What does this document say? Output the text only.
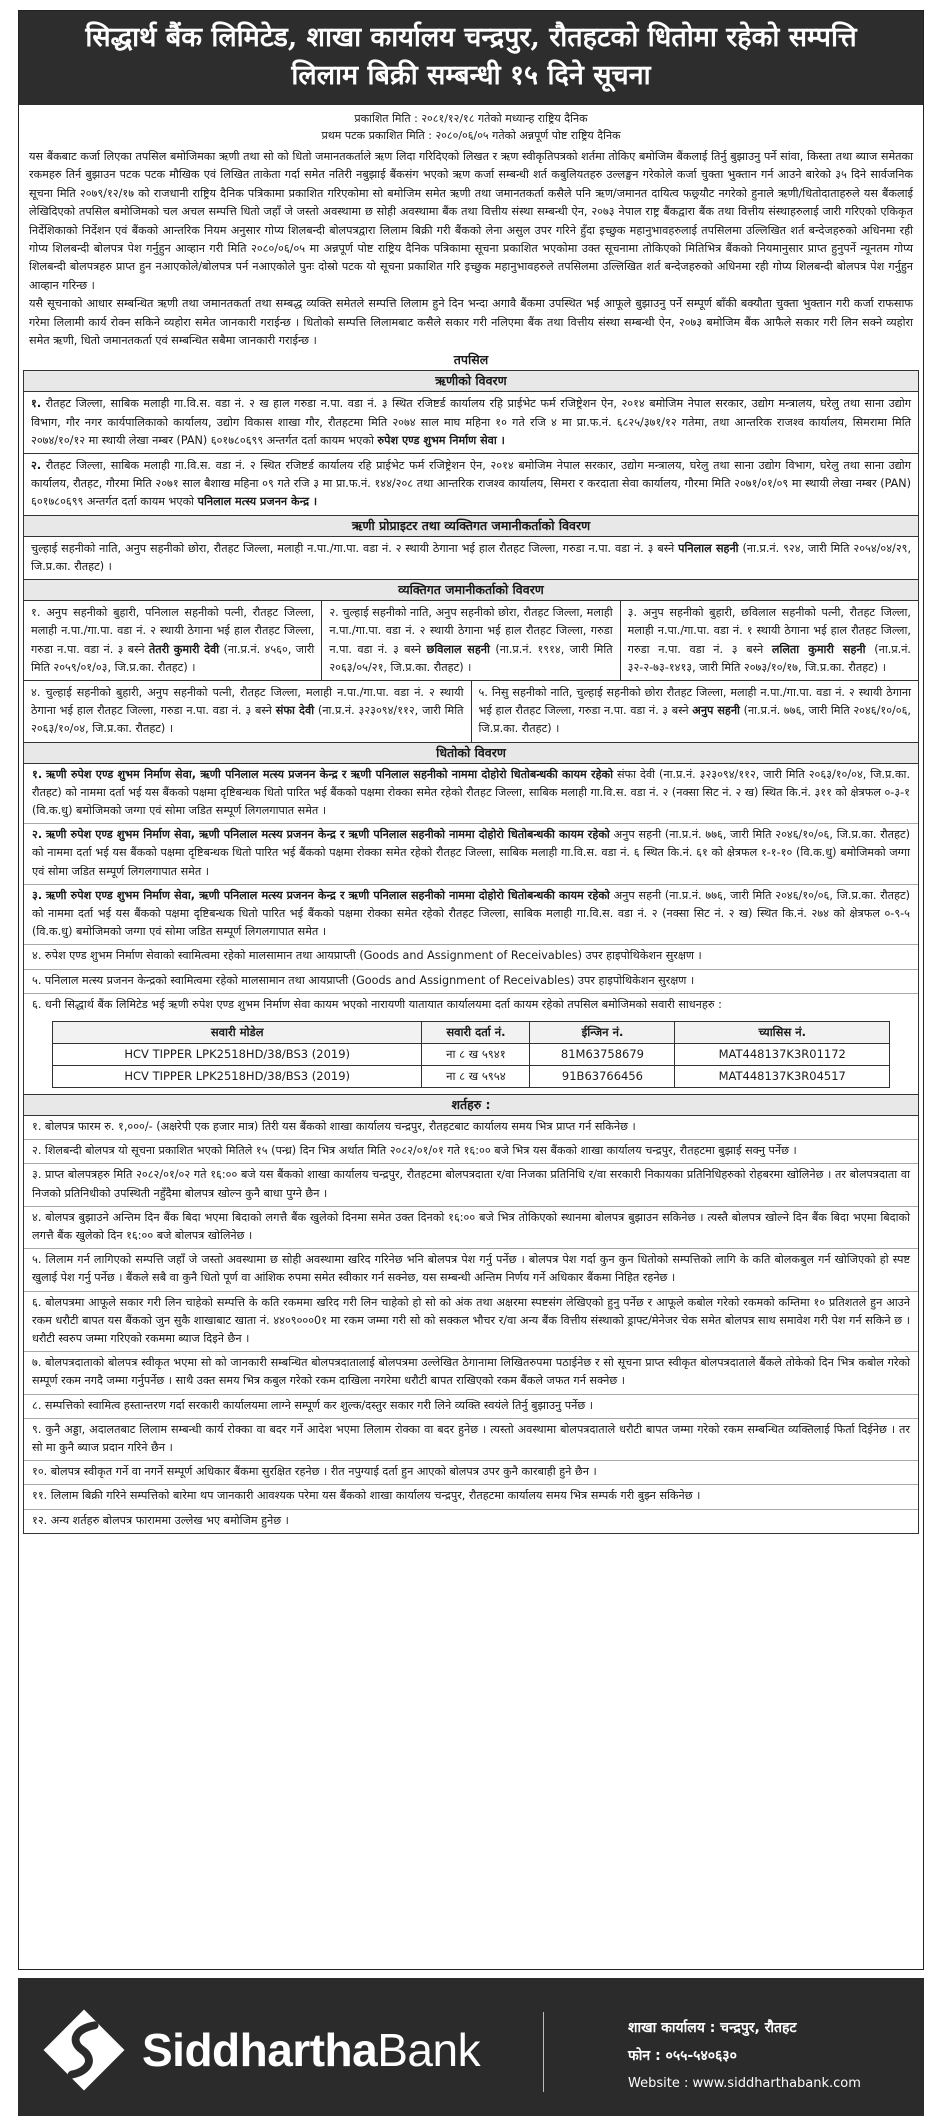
सिद्धार्थ बैंक लिमिटेड, शाखा कार्यालय चन्द्रपुर, रौतहटको धितोमा रहेको सम्पत्ति
लिलाम बिक्री सम्बन्धी १५ दिने सूचना
प्रकाशित मिति : २०८१/१२/१८ गतेको मध्यान्ह राष्ट्रिय दैनिक
प्रथम पटक प्रकाशित मिति : २०८०/०६/०५ गतेको अन्नपूर्ण पोष्ट राष्ट्रिय दैनिक

यस बैंकबाट कर्जा लिएका तपसिल बमोजिमका ऋणी तथा सो को धितो जमानतकर्ताले ऋण लिदा गरिदिएको लिखत र ऋण स्वीकृतिपत्रको शर्तमा तोकिए बमोजिम बैंकलाई तिर्नु बुझाउनु पर्ने सांवा, किस्ता तथा ब्याज समेतका रकमहरु तिर्न बुझाउन पटक पटक मौखिक एवं लिखित ताकेता गर्दा समेत नतिरी नबुझाई बैंकसंग भएको ऋण कर्जा सम्बन्धी शर्त कबुलियतहरु उल्लङ्घन गरेकोले कर्जा चुक्ता भुक्तान गर्न आउने बारेको ३५ दिने सार्वजनिक सूचना मिति २०७९/१२/१७ को राजधानी राष्ट्रिय दैनिक पत्रिकामा प्रकाशित गरिएकोमा सो बमोजिम समेत ऋणी तथा जमानतकर्ता कसैले पनि ऋण/जमानत दायित्व फछ्र्यौट नगरेको हुनाले ऋणी/धितोदाताहरुले यस बैंकलाई लेखिदिएको तपसिल बमोजिमको चल अचल सम्पत्ति धितो जहाँ जे जस्तो अवस्थामा छ सोही अवस्थामा बैंक तथा वित्तीय संस्था सम्बन्धी ऐन, २०७३ नेपाल राष्ट्र बैंकद्वारा बैंक तथा वित्तीय संस्थाहरुलाई जारी गरिएको एकिकृत निर्देशिकाको निर्देशन एवं बैंकको आन्तरिक नियम अनुसार गोप्य शिलबन्दी बोलपत्रद्वारा लिलाम बिक्री गरी बैंकको लेना असुल उपर गरिने हुँदा इच्छुक महानुभावहरुलाई तपसिलमा उल्लिखित शर्त बन्देजहरुको अधिनमा रही गोप्य शिलबन्दी बोलपत्र पेश गर्नुहुन आव्हान गरी मिति २०८०/०६/०५ मा अन्नपूर्ण पोष्ट राष्ट्रिय दैनिक पत्रिकामा सूचना प्रकाशित भएकोमा उक्त सूचनामा तोकिएको मितिभित्र बैंकको नियमानुसार प्राप्त हुनुपर्ने न्यूनतम गोप्य शिलबन्दी बोलपत्रहरु प्राप्त हुन नआएकोले/बोलपत्र पर्न नआएकोले पुनः दोस्रो पटक यो सूचना प्रकाशित गरि इच्छुक महानुभावहरुले तपसिलमा उल्लिखित शर्त बन्देजहरुको अधिनमा रही गोप्य शिलबन्दी बोलपत्र पेश गर्नुहुन आव्हान गरिन्छ ।

यसै सूचनाको आधार सम्बन्धित ऋणी तथा जमानतकर्ता तथा सम्बद्ध व्यक्ति समेतले सम्पत्ति लिलाम हुने दिन भन्दा अगावै बैंकमा उपस्थित भई आफूले बुझाउनु पर्ने सम्पूर्ण बाँकी बक्यौता चुक्ता भुक्तान गरी कर्जा राफसाफ गरेमा लिलामी कार्य रोक्न सकिने व्यहोरा समेत जानकारी गराईन्छ । धितोको सम्पत्ति लिलामबाट कसैले सकार गरी नलिएमा बैंक तथा वित्तीय संस्था सम्बन्धी ऐन, २०७३ बमोजिम बैंक आफैले सकार गरी लिन सक्ने व्यहोरा समेत ऋणी, धितो जमानतकर्ता एवं सम्बन्धित सबैमा जानकारी गराईन्छ ।

तपसिल
ऋणीको विवरण
१. रौतहट जिल्ला, साबिक मलाही गा.वि.स. वडा नं. २ ख हाल गरुडा न.पा. वडा नं. ३ स्थित रजिष्टर्ड कार्यालय रहि प्राईभेट फर्म रजिष्ट्रेशन ऐन, २०१४ बमोजिम नेपाल सरकार, उद्योग मन्त्रालय, घरेलु तथा साना उद्योग विभाग, गौर नगर कार्यपालिकाको कार्यालय, उद्योग विकास शाखा गौर, रौतहटमा मिति २०७४ साल माघ महिना १० गते रजि ४ मा प्रा.फ.नं. ६८२५/३७१/१२ गतेमा, तथा आन्तरिक राजश्व कार्यालय, सिमरामा मिति २०७४/१०/१२ मा स्थायी लेखा नम्बर (PAN) ६०१७८०६९९ अन्तर्गत दर्ता कायम भएको रुपेश एण्ड शुभम निर्माण सेवा ।
२. रौतहट जिल्ला, साबिक मलाही गा.वि.स. वडा नं. २ स्थित रजिष्टर्ड कार्यालय रहि प्राईभेट फर्म रजिष्ट्रेशन ऐन, २०१४ बमोजिम नेपाल सरकार, उद्योग मन्त्रालय, घरेलु तथा साना उद्योग विभाग, घरेलु तथा साना उद्योग कार्यालय, रौतहट, गौरमा मिति २०७१ साल बैशाख महिना ०९ गते रजि ३ मा प्रा.फ.नं. १४४/२०८ तथा आन्तरिक राजश्व कार्यालय, सिमरा र करदाता सेवा कार्यालय, गौरमा मिति २०७१/०१/०९ मा स्थायी लेखा नम्बर (PAN) ६०१७८०६९९ अन्तर्गत दर्ता कायम भएको पनिलाल मत्स्य प्रजनन केन्द्र ।
ऋणी प्रोप्राइटर तथा व्यक्तिगत जमानीकर्ताको विवरण
चुल्हाई सहनीको नाति, अनुप सहनीको छोरा, रौतहट जिल्ला, मलाही न.पा./गा.पा. वडा नं. २ स्थायी ठेगाना भई हाल रौतहट जिल्ला, गरुडा न.पा. वडा नं. ३ बस्ने पनिलाल सहनी (ना.प्र.नं. ९२४, जारी मिति २०५४/०४/२९, जि.प्र.का. रौतहट) ।
व्यक्तिगत जमानीकर्ताको विवरण
१. अनुप सहनीको बुहारी, पनिलाल सहनीको पत्नी, रौतहट जिल्ला, मलाही न.पा./गा.पा. वडा नं. २ स्थायी ठेगाना भई हाल रौतहट जिल्ला, गरुडा न.पा. वडा नं. ३ बस्ने तेतरी कुमारी देवी (ना.प्र.नं. ४५६०, जारी मिति २०५९/०१/०३, जि.प्र.का. रौतहट) ।
२. चुल्हाई सहनीको नाति, अनुप सहनीको छोरा, रौतहट जिल्ला, मलाही न.पा./गा.पा. वडा नं. २ स्थायी ठेगाना भई हाल रौतहट जिल्ला, गरुडा न.पा. वडा नं. ३ बस्ने छविलाल सहनी (ना.प्र.नं. १९१४, जारी मिति २०६३/०५/२१, जि.प्र.का. रौतहट) ।
३. अनुप सहनीको बुहारी, छविलाल सहनीको पत्नी, रौतहट जिल्ला, मलाही न.पा./गा.पा. वडा नं. १ स्थायी ठेगाना भई हाल रौतहट जिल्ला, गरुडा न.पा. वडा नं. ३ बस्ने ललिता कुमारी सहनी (ना.प्र.नं. ३२-२-७३-१४१३, जारी मिति २०७३/१०/१७, जि.प्र.का. रौतहट) ।
४. चुल्हाई सहनीको बुहारी, अनुप सहनीको पत्नी, रौतहट जिल्ला, मलाही न.पा./गा.पा. वडा नं. २ स्थायी ठेगाना भई हाल रौतहट जिल्ला, गरुडा न.पा. वडा नं. ३ बस्ने संफा देवी (ना.प्र.नं. ३२३०९४/११२, जारी मिति २०६३/१०/०४, जि.प्र.का. रौतहट) ।
५. निसु सहनीको नाति, चुल्हाई सहनीको छोरा रौतहट जिल्ला, मलाही न.पा./गा.पा. वडा नं. २ स्थायी ठेगाना भई हाल रौतहट जिल्ला, गरुडा न.पा. वडा नं. ३ बस्ने अनुप सहनी (ना.प्र.नं. ७७६, जारी मिति २०४६/१०/०६, जि.प्र.का. रौतहट) ।
धितोको विवरण
१. ऋणी रुपेश एण्ड शुभम निर्माण सेवा, ऋणी पनिलाल मत्स्य प्रजनन केन्द्र र ऋणी पनिलाल सहनीको नाममा दोहोरो धितोबन्धकी कायम रहेको संफा देवी (ना.प्र.नं. ३२३०९४/११२, जारी मिति २०६३/१०/०४, जि.प्र.का. रौतहट) को नाममा दर्ता भई यस बैंकको पक्षमा दृष्टिबन्धक धितो पारित भई बैंकको पक्षमा रोक्का समेत रहेको रौतहट जिल्ला, साबिक मलाही गा.वि.स. वडा नं. २ (नक्सा सिट नं. २ ख) स्थित कि.नं. ३११ को क्षेत्रफल ०-३-१ (वि.क.धु) बमोजिमको जग्गा एवं सोमा जडित सम्पूर्ण लिगलगापात समेत ।
२. ऋणी रुपेश एण्ड शुभम निर्माण सेवा, ऋणी पनिलाल मत्स्य प्रजनन केन्द्र र ऋणी पनिलाल सहनीको नाममा दोहोरो धितोबन्धकी कायम रहेको अनुप सहनी (ना.प्र.नं. ७७६, जारी मिति २०४६/१०/०६, जि.प्र.का. रौतहट) को नाममा दर्ता भई यस बैंकको पक्षमा दृष्टिबन्धक धितो पारित भई बैंकको पक्षमा रोक्का समेत रहेको रौतहट जिल्ला, साबिक मलाही गा.वि.स. वडा नं. ६ स्थित कि.नं. ६१ को क्षेत्रफल १-१-१० (वि.क.धु) बमोजिमको जग्गा एवं सोमा जडित सम्पूर्ण लिगलगापात समेत ।
३. ऋणी रुपेश एण्ड शुभम निर्माण सेवा, ऋणी पनिलाल मत्स्य प्रजनन केन्द्र र ऋणी पनिलाल सहनीको नाममा दोहोरो धितोबन्धकी कायम रहेको अनुप सहनी (ना.प्र.नं. ७७६, जारी मिति २०४६/१०/०६, जि.प्र.का. रौतहट) को नाममा दर्ता भई यस बैंकको पक्षमा दृष्टिबन्धक धितो पारित भई बैंकको पक्षमा रोक्का समेत रहेको रौतहट जिल्ला, साबिक मलाही गा.वि.स. वडा नं. २ (नक्सा सिट नं. २ ख) स्थित कि.नं. २७४ को क्षेत्रफल ०-९-५ (वि.क.धु) बमोजिमको जग्गा एवं सोमा जडित सम्पूर्ण लिगलगापात समेत ।
४. रुपेश एण्ड शुभम निर्माण सेवाको स्वामित्वमा रहेको मालसामान तथा आयप्राप्ती (Goods and Assignment of Receivables) उपर हाइपोथिकेशन सुरक्षण ।
५. पनिलाल मत्स्य प्रजनन केन्द्रको स्वामित्वमा रहेको मालसामान तथा आयप्राप्ती (Goods and Assignment of Receivables) उपर हाइपोथिकेशन सुरक्षण ।
६. धनी सिद्धार्थ बैंक लिमिटेड भई ऋणी रुपेश एण्ड शुभम निर्माण सेवा कायम भएको नारायणी यातायात कार्यालयमा दर्ता कायम रहेको तपसिल बमोजिमको सवारी साधनहरु :
सवारी मोडेल	सवारी दर्ता नं.	ईन्जिन नं.	च्यासिस नं.
HCV TIPPER LPK2518HD/38/BS3 (2019)	ना ८ ख ५९४१	81M63758679	MAT448137K3R01172
HCV TIPPER LPK2518HD/38/BS3 (2019)	ना ८ ख ५९५४	91B63766456	MAT448137K3R04517
शर्तहरु :
१. बोलपत्र फारम रु. १,०००/- (अक्षरेपी एक हजार मात्र) तिरी यस बैंकको शाखा कार्यालय चन्द्रपुर, रौतहटबाट कार्यालय समय भित्र प्राप्त गर्न सकिनेछ ।
२. शिलबन्दी बोलपत्र यो सूचना प्रकाशित भएको मितिले १५ (पन्ध्र) दिन भित्र अर्थात मिति २०८२/०१/०१ गते १६:०० बजे भित्र यस बैंकको शाखा कार्यालय चन्द्रपुर, रौतहटमा बुझाई सक्नु पर्नेछ ।
३. प्राप्त बोलपत्रहरु मिति २०८२/०१/०२ गते १६:०० बजे यस बैंकको शाखा कार्यालय चन्द्रपुर, रौतहटमा बोलपत्रदाता र/वा निजका प्रतिनिधि र/वा सरकारी निकायका प्रतिनिधिहरुको रोहबरमा खोलिनेछ । तर बोलपत्रदाता वा निजको प्रतिनिधीको उपस्थिती नहुँदैमा बोलपत्र खोल्न कुनै बाधा पुग्ने छैन ।
४. बोलपत्र बुझाउने अन्तिम दिन बैंक बिदा भएमा बिदाको लगत्तै बैंक खुलेको दिनमा समेत उक्त दिनको १६:०० बजे भित्र तोकिएको स्थानमा बोलपत्र बुझाउन सकिनेछ । त्यस्तै बोलपत्र खोल्ने दिन बैंक बिदा भएमा बिदाको लगत्तै बैंक खुलेको दिन १६:०० बजे बोलपत्र खोलिनेछ ।
५. लिलाम गर्न लागिएको सम्पत्ति जहाँ जे जस्तो अवस्थामा छ सोही अवस्थामा खरिद गरिनेछ भनि बोलपत्र पेश गर्नु पर्नेछ । बोलपत्र पेश गर्दा कुन कुन धितोको सम्पत्तिको लागि के कति बोलकबुल गर्न खोजिएको हो स्पष्ट खुलाई पेश गर्नु पर्नेछ । बैंकले सबै वा कुनै धितो पूर्ण वा आंशिक रुपमा समेत स्वीकार गर्न सक्नेछ, यस सम्बन्धी अन्तिम निर्णय गर्ने अधिकार बैंकमा निहित रहनेछ ।
६. बोलपत्रमा आफूले सकार गरी लिन चाहेको सम्पत्ति के कति रकममा खरिद गरी लिन चाहेको हो सो को अंक तथा अक्षरमा स्पष्टसंग लेखिएको हुनु पर्नेछ र आफूले कबोल गरेको रकमको कम्तिमा १० प्रतिशतले हुन आउने रकम धरौटी बापत यस बैंकको जुन सुकै शाखाबाट खाता नं. ४४०९०००0१ मा रकम जम्मा गरी सो को सक्कल भौचर र/वा अन्य बैंक वित्तीय संस्थाको ड्राफ्ट/मेनेजर चेक समेत बोलपत्र साथ समावेश गरी पेश गर्न सकिने छ । धरौटी स्वरुप जम्मा गरिएको रकममा ब्याज दिइने छैन ।
७. बोलपत्रदाताको बोलपत्र स्वीकृत भएमा सो को जानकारी सम्बन्धित बोलपत्रदातालाई बोलपत्रमा उल्लेखित ठेगानामा लिखितरुपमा पठाईनेछ र सो सूचना प्राप्त स्वीकृत बोलपत्रदाताले बैंकले तोकेको दिन भित्र कबोल गरेको सम्पूर्ण रकम नगदै जम्मा गर्नुपर्नेछ । साथै उक्त समय भित्र कबुल गरेको रकम दाखिला नगरेमा धरौटी बापत राखिएको रकम बैंकले जफत गर्न सक्नेछ ।
८. सम्पत्तिको स्वामित्व हस्तान्तरण गर्दा सरकारी कार्यालयमा लाग्ने सम्पूर्ण कर शुल्क/दस्तुर सकार गरी लिने व्यक्ति स्वयंले तिर्नु बुझाउनु पर्नेछ ।
९. कुनै अड्डा, अदालतबाट लिलाम सम्बन्धी कार्य रोक्का वा बदर गर्ने आदेश भएमा लिलाम रोक्का वा बदर हुनेछ । त्यस्तो अवस्थामा बोलपत्रदाताले धरौटी बापत जम्मा गरेको रकम सम्बन्धित व्यक्तिलाई फिर्ता दिईनेछ । तर सो मा कुनै ब्याज प्रदान गरिने छैन ।
१०. बोलपत्र स्वीकृत गर्ने वा नगर्ने सम्पूर्ण अधिकार बैंकमा सुरक्षित रहनेछ । रीत नपुग्याई दर्ता हुन आएको बोलपत्र उपर कुनै कारबाही हुने छैन ।
११. लिलाम बिक्री गरिने सम्पत्तिको बारेमा थप जानकारी आवश्यक परेमा यस बैंकको शाखा कार्यालय चन्द्रपुर, रौतहटमा कार्यालय समय भित्र सम्पर्क गरी बुझ्न सकिनेछ ।
१२. अन्य शर्तहरु बोलपत्र फाराममा उल्लेख भए बमोजिम हुनेछ ।
SiddharthaBank	शाखा कार्यालय : चन्द्रपुर, रौतहट
फोन : ०५५-५४०६३०
Website : www.siddharthabank.com
